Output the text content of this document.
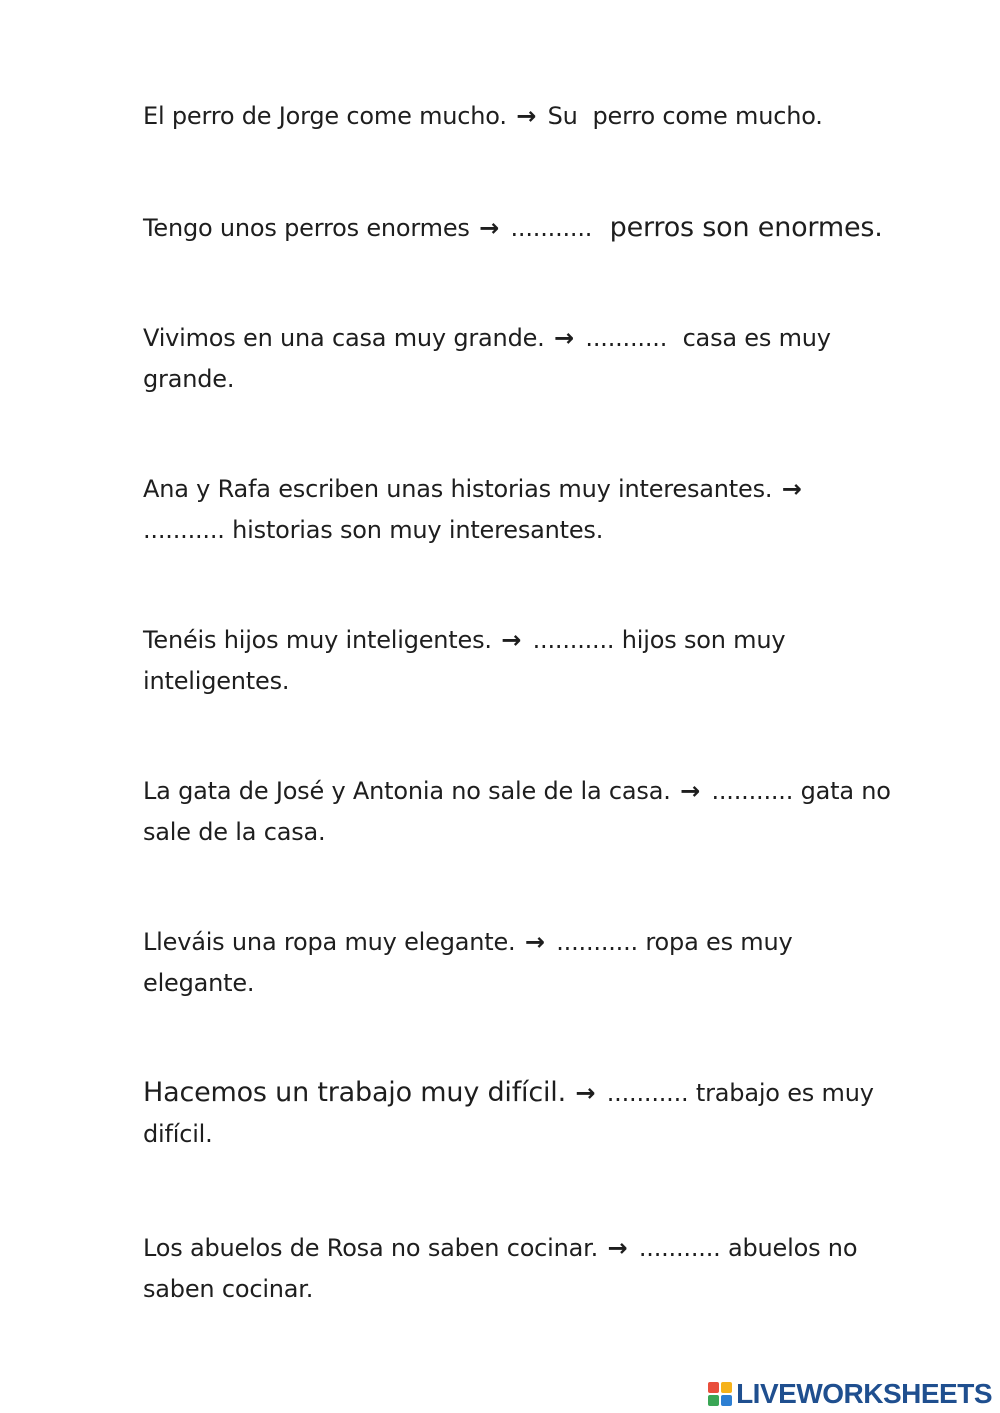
El perro de Jorge come mucho. → Su  perro come mucho.
Tengo unos perros enormes → ........... perros son enormes.
Vivimos en una casa muy grande. → ........... casa es muy grande.
Ana y Rafa escriben unas historias muy interesantes. → ........... historias son muy interesantes.
Tenéis hijos muy inteligentes. → ........... hijos son muy inteligentes.
La gata de José y Antonia no sale de la casa. → ........... gata no sale de la casa.
Lleváis una ropa muy elegante. → ........... ropa es muy elegante.
Hacemos un trabajo muy difícil. → ........... trabajo es muy difícil.
Los abuelos de Rosa no saben cocinar. → ........... abuelos no saben cocinar.
LIVEWORKSHEETS
